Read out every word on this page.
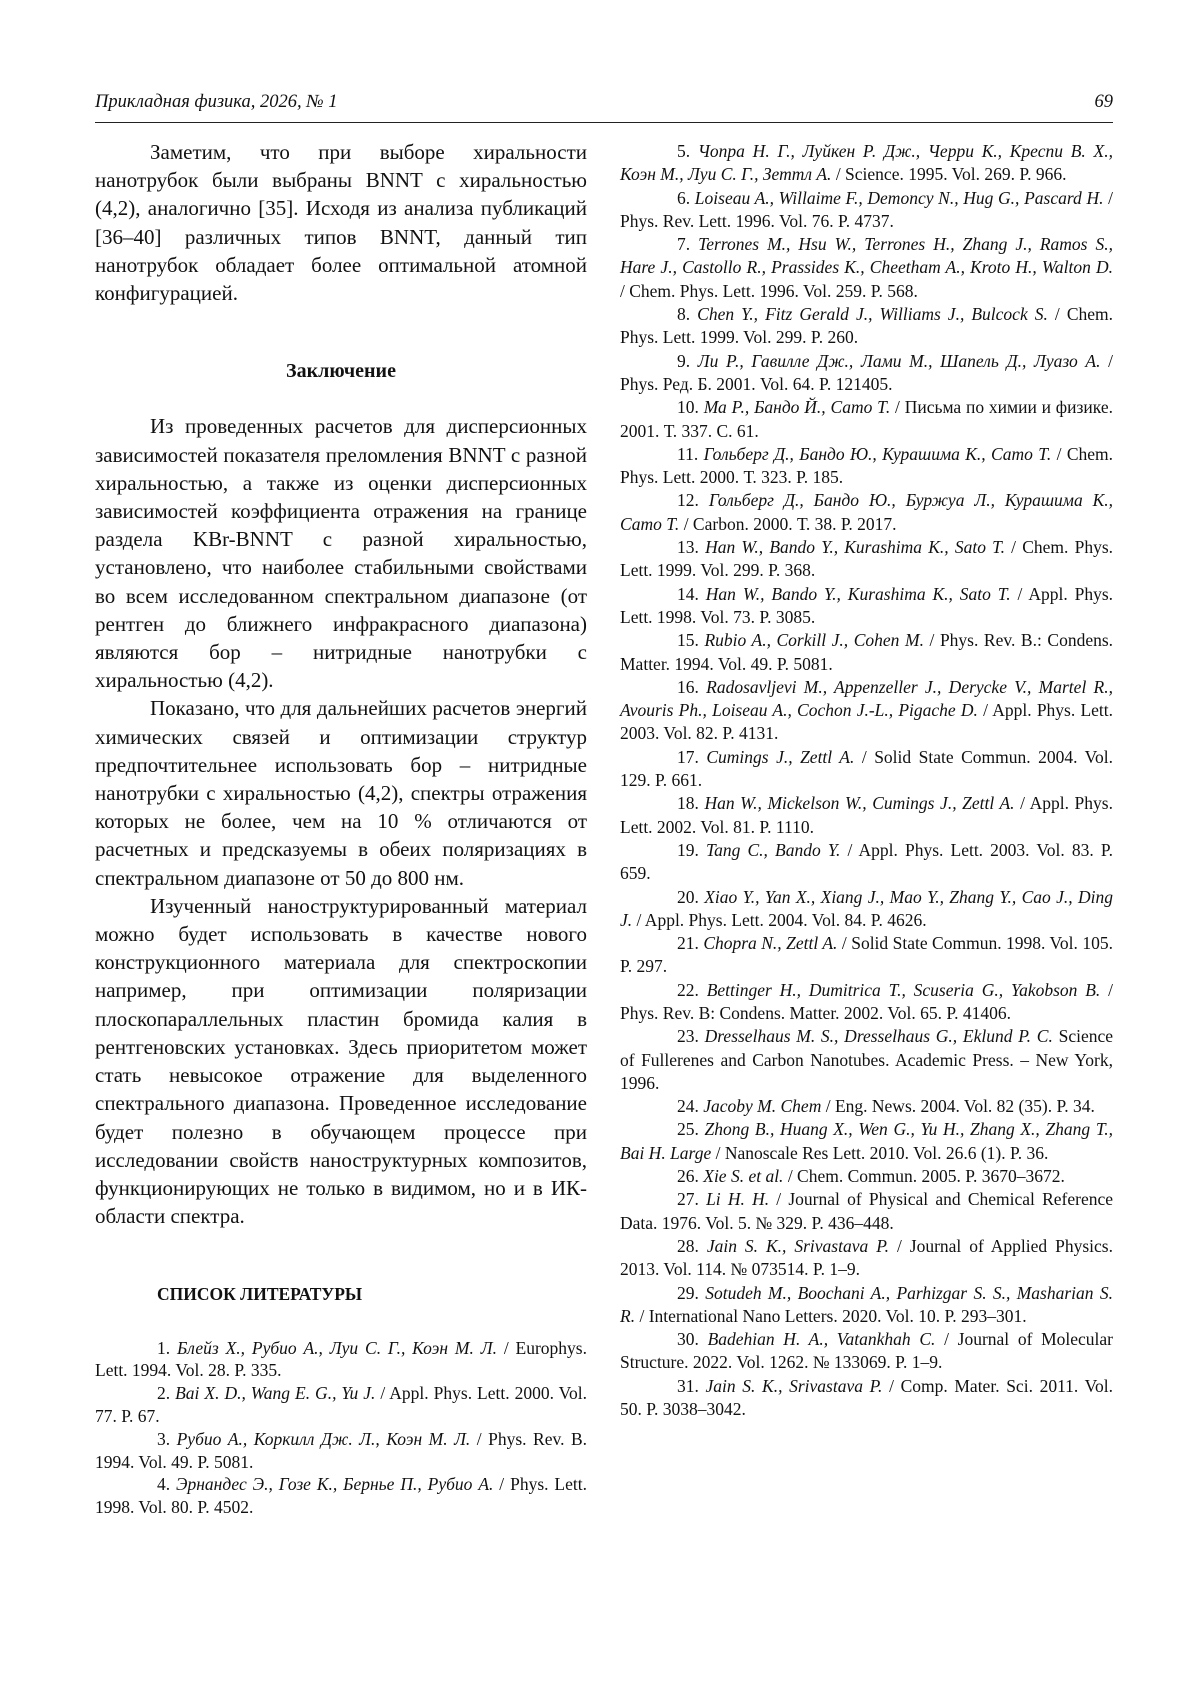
Прикладная физика, 2026, № 1	69

Заметим, что при выборе хиральности нанотрубок были выбраны BNNT с хиральностью (4,2), аналогично [35]. Исходя из анализа публикаций [36–40] различных типов BNNT, данный тип нанотрубок обладает более оптимальной атомной конфигурацией.

Заключение

Из проведенных расчетов для дисперсионных зависимостей показателя преломления BNNT с разной хиральностью, а также из оценки дисперсионных зависимостей коэффициента отражения на границе раздела KBr-BNNT с разной хиральностью, установлено, что наиболее стабильными свойствами во всем исследованном спектральном диапазоне (от рентген до ближнего инфракрасного диапазона) являются бор – нитридные нанотрубки с хиральностью (4,2).

Показано, что для дальнейших расчетов энергий химических связей и оптимизации структур предпочтительнее использовать бор – нитридные нанотрубки с хиральностью (4,2), спектры отражения которых не более, чем на 10 % отличаются от расчетных и предсказуемы в обеих поляризациях в спектральном диапазоне от 50 до 800 нм.

Изученный наноструктурированный материал можно будет использовать в качестве нового конструкционного материала для спектроскопии например, при оптимизации поляризации плоскопараллельных пластин бромида калия в рентгеновских установках. Здесь приоритетом может стать невысокое отражение для выделенного спектрального диапазона. Проведенное исследование будет полезно в обучающем процессе при исследовании свойств наноструктурных композитов, функционирующих не только в видимом, но и в ИК-области спектра.

СПИСОК ЛИТЕРАТУРЫ

1. Блейз Х., Рубио А., Луи С. Г., Коэн М. Л. / Europhys. Lett. 1994. Vol. 28. P. 335.

2. Bai X. D., Wang E. G., Yu J. / Appl. Phys. Lett. 2000. Vol. 77. P. 67.

3. Рубио А., Коркилл Дж. Л., Коэн М. Л. / Phys. Rev. B. 1994. Vol. 49. P. 5081.

4. Эрнандес Э., Гозе К., Бернье П., Рубио А. / Phys. Lett. 1998. Vol. 80. P. 4502.

5. Чопра Н. Г., Луйкен Р. Дж., Черри К., Креспи В. Х., Коэн М., Луи С. Г., Зеттл А. / Science. 1995. Vol. 269. P. 966.

6. Loiseau A., Willaime F., Demoncy N., Hug G., Pascard H. / Phys. Rev. Lett. 1996. Vol. 76. P. 4737.

7. Terrones M., Hsu W., Terrones H., Zhang J., Ramos S., Hare J., Castollo R., Prassides K., Cheetham A., Kroto H., Walton D. / Chem. Phys. Lett. 1996. Vol. 259. P. 568.

8. Chen Y., Fitz Gerald J., Williams J., Bulcock S. / Chem. Phys. Lett. 1999. Vol. 299. P. 260.

9. Ли Р., Гавилле Дж., Лами М., Шапель Д., Луазо А. / Phys. Ред. Б. 2001. Vol. 64. P. 121405.

10. Ма Р., Бандо Й., Сато Т. / Письма по химии и физике. 2001. Т. 337. С. 61.

11. Гольберг Д., Бандо Ю., Курашима К., Сато Т. / Chem. Phys. Lett. 2000. Т. 323. Р. 185.

12. Гольберг Д., Бандо Ю., Буржуа Л., Курашима К., Сато Т. / Carbon. 2000. Т. 38. Р. 2017.

13. Han W., Bando Y., Kurashima K., Sato T. / Chem. Phys. Lett. 1999. Vol. 299. P. 368.

14. Han W., Bando Y., Kurashima K., Sato T. / Appl. Phys. Lett. 1998. Vol. 73. P. 3085.

15. Rubio A., Corkill J., Cohen M. / Phys. Rev. B.: Condens. Matter. 1994. Vol. 49. P. 5081.

16. Radosavljevi M., Appenzeller J., Derycke V., Martel R., Avouris Ph., Loiseau A., Cochon J.-L., Pigache D. / Appl. Phys. Lett. 2003. Vol. 82. P. 4131.

17. Cumings J., Zettl A. / Solid State Commun. 2004. Vol. 129. P. 661.

18. Han W., Mickelson W., Cumings J., Zettl A. / Appl. Phys. Lett. 2002. Vol. 81. P. 1110.

19. Tang C., Bando Y. / Appl. Phys. Lett. 2003. Vol. 83. P. 659.

20. Xiao Y., Yan X., Xiang J., Mao Y., Zhang Y., Cao J., Ding J. / Appl. Phys. Lett. 2004. Vol. 84. P. 4626.

21. Chopra N., Zettl A. / Solid State Commun. 1998. Vol. 105. P. 297.

22. Bettinger H., Dumitrica T., Scuseria G., Yakobson B. / Phys. Rev. B: Condens. Matter. 2002. Vol. 65. P. 41406.

23. Dresselhaus M. S., Dresselhaus G., Eklund P. C. Science of Fullerenes and Carbon Nanotubes. Academic Press. – New York, 1996.

24. Jacoby M. Chem / Eng. News. 2004. Vol. 82 (35). P. 34.

25. Zhong B., Huang X., Wen G., Yu H., Zhang X., Zhang T., Bai H. Large / Nanoscale Res Lett. 2010. Vol. 26.6 (1). P. 36.

26. Xie S. et al. / Chem. Commun. 2005. P. 3670–3672.

27. Li H. H. / Journal of Physical and Chemical Reference Data. 1976. Vol. 5. № 329. P. 436–448.

28. Jain S. K., Srivastava P. / Journal of Applied Physics. 2013. Vol. 114. № 073514. P. 1–9.

29. Sotudeh M., Boochani A., Parhizgar S. S., Masharian S. R. / International Nano Letters. 2020. Vol. 10. P. 293–301.

30. Badehian H. A., Vatankhah C. / Journal of Molecular Structure. 2022. Vol. 1262. № 133069. P. 1–9.

31. Jain S. K., Srivastava P. / Comp. Mater. Sci. 2011. Vol. 50. P. 3038–3042.
